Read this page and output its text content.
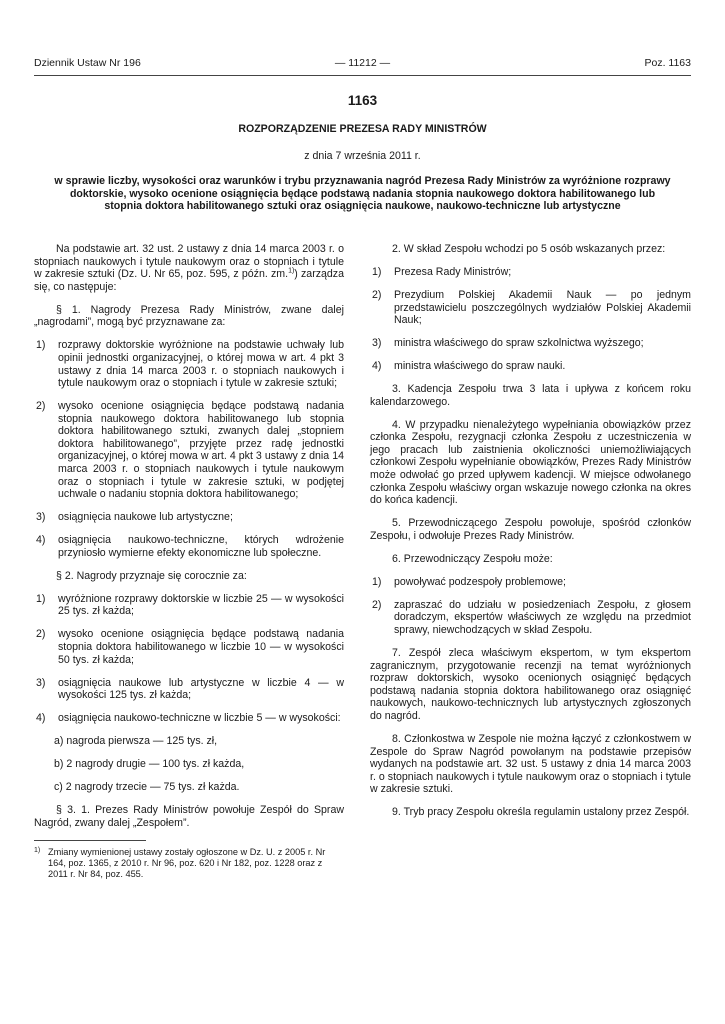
Dziennik Ustaw Nr 196	— 11212 —	Poz. 1163
1163
ROZPORZĄDZENIE PREZESA RADY MINISTRÓW
z dnia 7 września 2011 r.
w sprawie liczby, wysokości oraz warunków i trybu przyznawania nagród Prezesa Rady Ministrów za wyróżnione rozprawy doktorskie, wysoko ocenione osiągnięcia będące podstawą nadania stopnia naukowego doktora habilitowanego lub stopnia doktora habilitowanego sztuki oraz osiągnięcia naukowe, naukowo-techniczne lub artystyczne

Na podstawie art. 32 ust. 2 ustawy z dnia 14 marca 2003 r. o stopniach naukowych i tytule naukowym oraz o stopniach i tytule w zakresie sztuki (Dz. U. Nr 65, poz. 595, z późn. zm.$^{1)}$) zarządza się, co następuje:

§ 1. Nagrody Prezesa Rady Ministrów, zwane dalej „nagrodami”, mogą być przyznawane za:

1) rozprawy doktorskie wyróżnione na podstawie uchwały lub opinii jednostki organizacyjnej, o której mowa w art. 4 pkt 3 ustawy z dnia 14 marca 2003 r. o stopniach naukowych i tytule naukowym oraz o stopniach i tytule w zakresie sztuki;
2) wysoko ocenione osiągnięcia będące podstawą nadania stopnia naukowego doktora habilitowanego lub stopnia doktora habilitowanego sztuki, zwanych dalej „stopniem doktora habilitowanego”, przyjęte przez radę jednostki organizacyjnej, o której mowa w art. 4 pkt 3 ustawy z dnia 14 marca 2003 r. o stopniach naukowych i tytule naukowym oraz o stopniach i tytule w zakresie sztuki, w podjętej uchwale o nadaniu stopnia doktora habilitowanego;
3) osiągnięcia naukowe lub artystyczne;
4) osiągnięcia naukowo-techniczne, których wdrożenie przyniosło wymierne efekty ekonomiczne lub społeczne.

§ 2. Nagrody przyznaje się corocznie za:

1) wyróżnione rozprawy doktorskie w liczbie 25 — w wysokości 25 tys. zł każda;
2) wysoko ocenione osiągnięcia będące podstawą nadania stopnia doktora habilitowanego w liczbie 10 — w wysokości 50 tys. zł każda;
3) osiągnięcia naukowe lub artystyczne w liczbie 4 — w wysokości 125 tys. zł każda;
4) osiągnięcia naukowo-techniczne w liczbie 5 — w wysokości:
a) nagroda pierwsza — 125 tys. zł,
b) 2 nagrody drugie — 100 tys. zł każda,
c) 2 nagrody trzecie — 75 tys. zł każda.

§ 3. 1. Prezes Rady Ministrów powołuje Zespół do Spraw Nagród, zwany dalej „Zespołem”.

1) Zmiany wymienionej ustawy zostały ogłoszone w Dz. U. z 2005 r. Nr 164, poz. 1365, z 2010 r. Nr 96, poz. 620 i Nr 182, poz. 1228 oraz z 2011 r. Nr 84, poz. 455.

2. W skład Zespołu wchodzi po 5 osób wskazanych przez:

1) Prezesa Rady Ministrów;
2) Prezydium Polskiej Akademii Nauk — po jednym przedstawicielu poszczególnych wydziałów Polskiej Akademii Nauk;
3) ministra właściwego do spraw szkolnictwa wyższego;
4) ministra właściwego do spraw nauki.

3. Kadencja Zespołu trwa 3 lata i upływa z końcem roku kalendarzowego.

4. W przypadku nienależytego wypełniania obowiązków przez członka Zespołu, rezygnacji członka Zespołu z uczestniczenia w jego pracach lub zaistnienia okoliczności uniemożliwiających członkowi Zespołu wypełnianie obowiązków, Prezes Rady Ministrów może odwołać go przed upływem kadencji. W miejsce odwołanego członka Zespołu właściwy organ wskazuje nowego członka na okres do końca kadencji.

5. Przewodniczącego Zespołu powołuje, spośród członków Zespołu, i odwołuje Prezes Rady Ministrów.

6. Przewodniczący Zespołu może:

1) powoływać podzespoły problemowe;
2) zapraszać do udziału w posiedzeniach Zespołu, z głosem doradczym, ekspertów właściwych ze względu na przedmiot sprawy, niewchodzących w skład Zespołu.

7. Zespół zleca właściwym ekspertom, w tym ekspertom zagranicznym, przygotowanie recenzji na temat wyróżnionych rozpraw doktorskich, wysoko ocenionych osiągnięć będących podstawą nadania stopnia doktora habilitowanego oraz osiągnięć naukowych, naukowo-technicznych lub artystycznych zgłoszonych do nagród.

8. Członkostwa w Zespole nie można łączyć z członkostwem w Zespole do Spraw Nagród powołanym na podstawie przepisów wydanych na podstawie art. 32 ust. 5 ustawy z dnia 14 marca 2003 r. o stopniach naukowych i tytule naukowym oraz o stopniach i tytule w zakresie sztuki.

9. Tryb pracy Zespołu określa regulamin ustalony przez Zespół.
